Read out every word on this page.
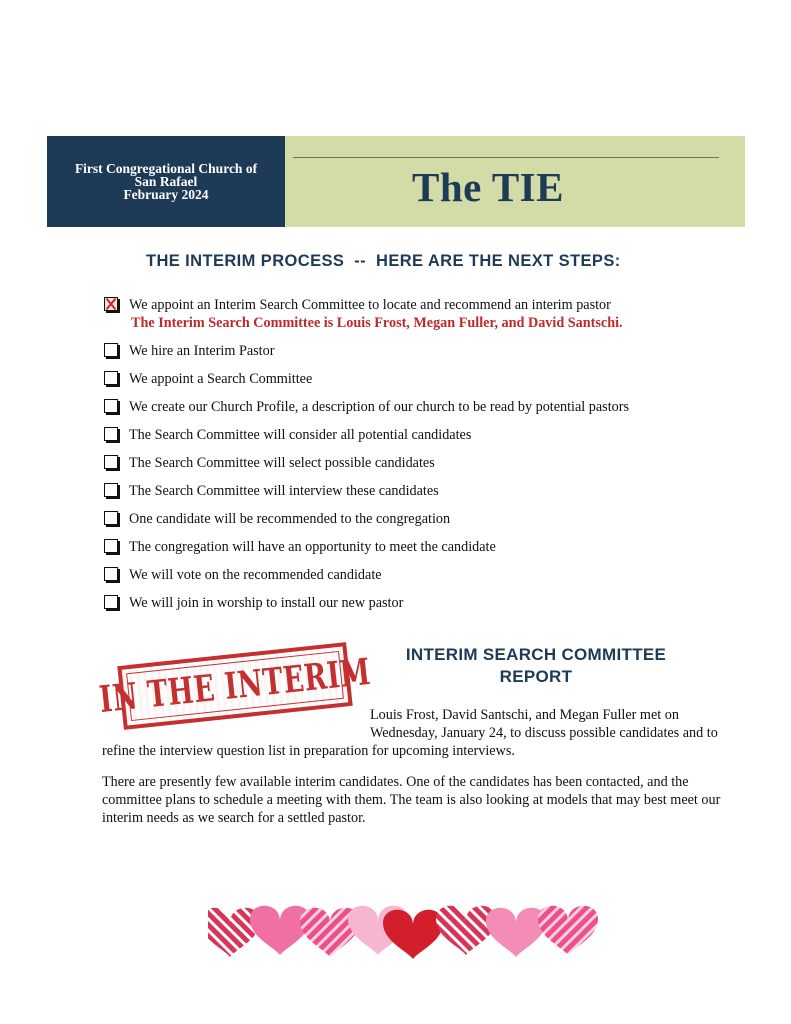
First Congregational Church of
San Rafael
February 2024	The TIE
THE INTERIM PROCESS  --  HERE ARE THE NEXT STEPS:
We appoint an Interim Search Committee to locate and recommend an interim pastor
The Interim Search Committee is Louis Frost, Megan Fuller, and David Santschi.
We hire an Interim Pastor
We appoint a Search Committee
We create our Church Profile, a description of our church to be read by potential pastors
The Search Committee will consider all potential candidates
The Search Committee will select possible candidates
The Search Committee will interview these candidates
One candidate will be recommended to the congregation
The congregation will have an opportunity to meet the candidate
We will vote on the recommended candidate
We will join in worship to install our new pastor
IN THE INTERIM	INTERIM SEARCH COMMITTEE
REPORT
Louis Frost, David Santschi, and Megan Fuller met on Wednesday, January 24, to discuss possible candidates and to refine the interview question list in preparation for upcoming interviews.
There are presently few available interim candidates. One of the candidates has been contacted, and the committee plans to schedule a meeting with them. The team is also looking at models that may best meet our interim needs as we search for a settled pastor.
